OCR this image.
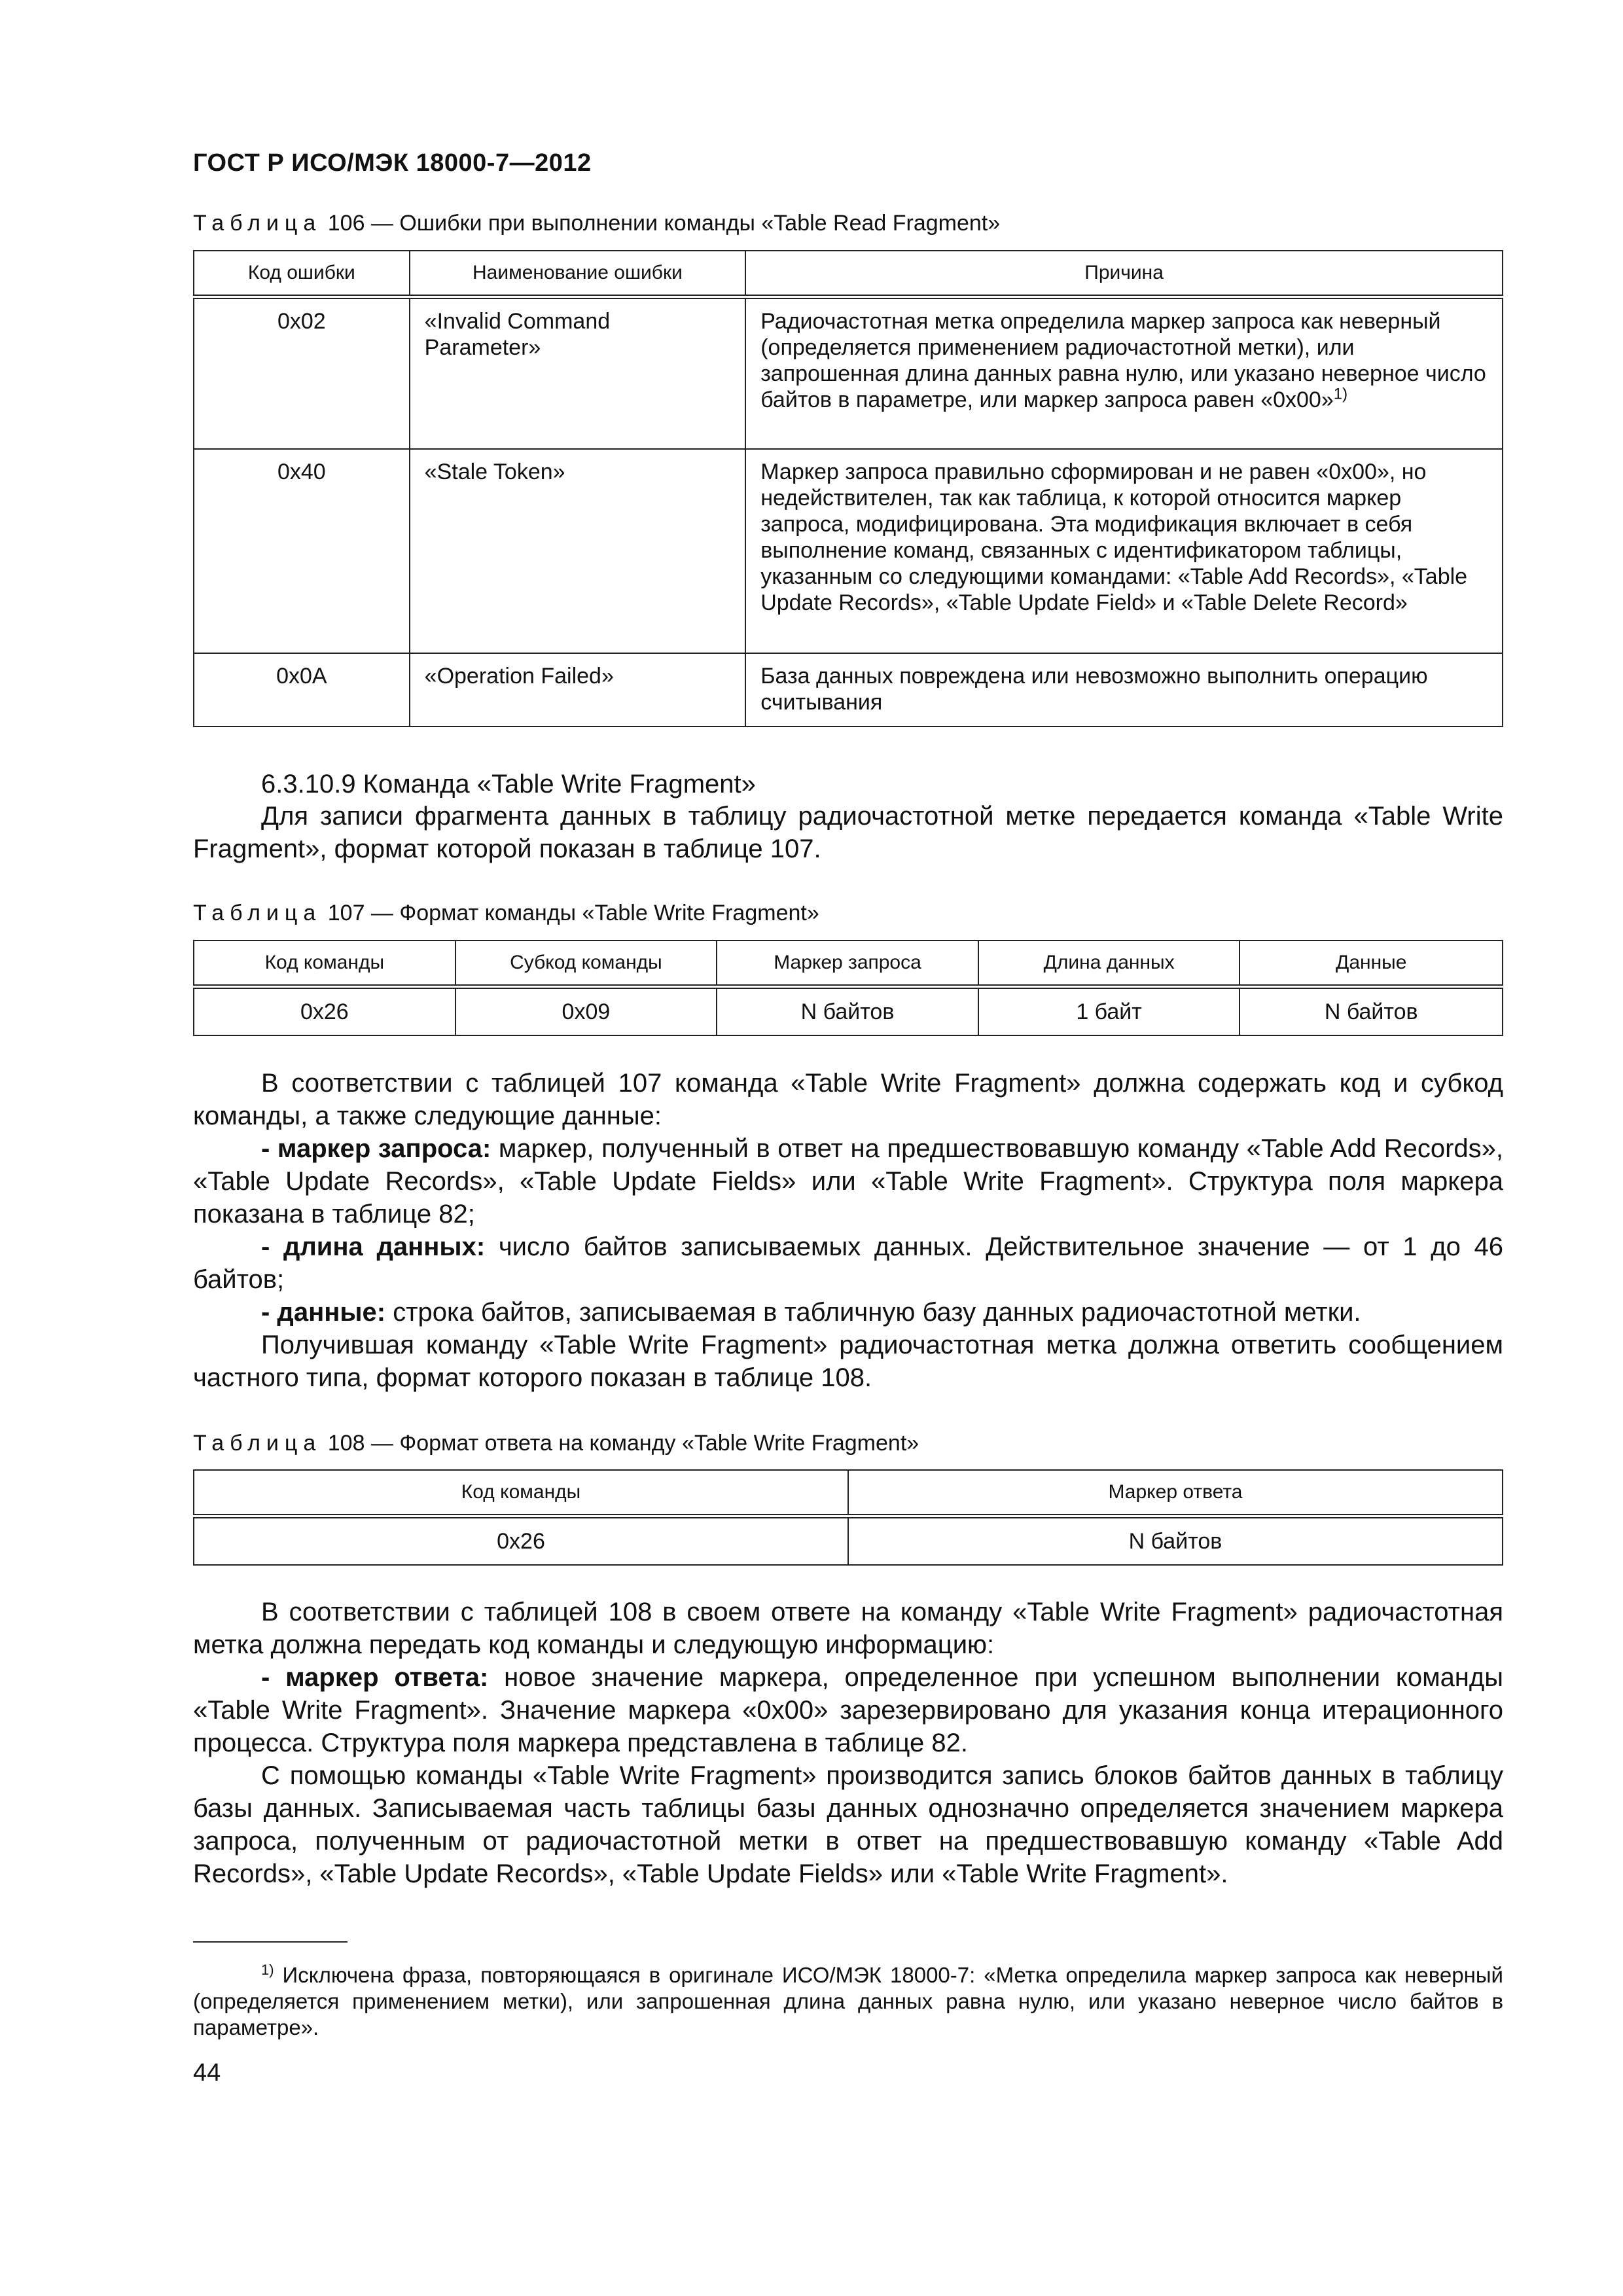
ГОСТ Р ИСО/МЭК 18000-7—2012
Таблица 106 — Ошибки при выполнении команды «Table Read Fragment»
Код ошибки	Наименование ошибки	Причина
0x02	«Invalid Command Parameter»	Радиочастотная метка определила маркер запроса как неверный (определяется применением радиочастотной метки), или запрошенная длина данных равна нулю, или указано неверное число байтов в параметре, или маркер запроса равен «0x00»$^{1)}$
0x40	«Stale Token»	Маркер запроса правильно сформирован и не равен «0x00», но недействителен, так как таблица, к которой относится маркер запроса, модифицирована. Эта модификация включает в себя выполнение команд, связанных с идентификатором таблицы, указанным со следующими командами: «Table Add Records», «Table Update Records», «Table Update Field» и «Table Delete Record»
0x0A	«Operation Failed»	База данных повреждена или невозможно выполнить операцию считывания
6.3.10.9 Команда «Table Write Fragment»

Для записи фрагмента данных в таблицу радиочастотной метке передается команда «Table Write Fragment», формат которой показан в таблице 107.

Таблица 107 — Формат команды «Table Write Fragment»
Код команды	Субкод команды	Маркер запроса	Длина данных	Данные
0x26	0x09	N байтов	1 байт	N байтов

В соответствии с таблицей 107 команда «Table Write Fragment» должна содержать код и субкод команды, а также следующие данные:

- маркер запроса: маркер, полученный в ответ на предшествовавшую команду «Table Add Records», «Table Update Records», «Table Update Fields» или «Table Write Fragment». Структура поля маркера показана в таблице 82;

- длина данных: число байтов записываемых данных. Действительное значение — от 1 до 46 байтов;

- данные: строка байтов, записываемая в табличную базу данных радиочастотной метки.

Получившая команду «Table Write Fragment» радиочастотная метка должна ответить сообщением частного типа, формат которого показан в таблице 108.

Таблица 108 — Формат ответа на команду «Table Write Fragment»
Код команды	Маркер ответа
0x26	N байтов

В соответствии с таблицей 108 в своем ответе на команду «Table Write Fragment» радиочастотная метка должна передать код команды и следующую информацию:

- маркер ответа: новое значение маркера, определенное при успешном выполнении команды «Table Write Fragment». Значение маркера «0x00» зарезервировано для указания конца итерационного процесса. Структура поля маркера представлена в таблице 82.

С помощью команды «Table Write Fragment» производится запись блоков байтов данных в таблицу базы данных. Записываемая часть таблицы базы данных однозначно определяется значением маркера запроса, полученным от радиочастотной метки в ответ на предшествовавшую команду «Table Add Records», «Table Update Records», «Table Update Fields» или «Table Write Fragment».

$^{1)}$ Исключена фраза, повторяющаяся в оригинале ИСО/МЭК 18000-7: «Метка определила маркер запроса как неверный (определяется применением метки), или запрошенная длина данных равна нулю, или указано неверное число байтов в параметре».
44
